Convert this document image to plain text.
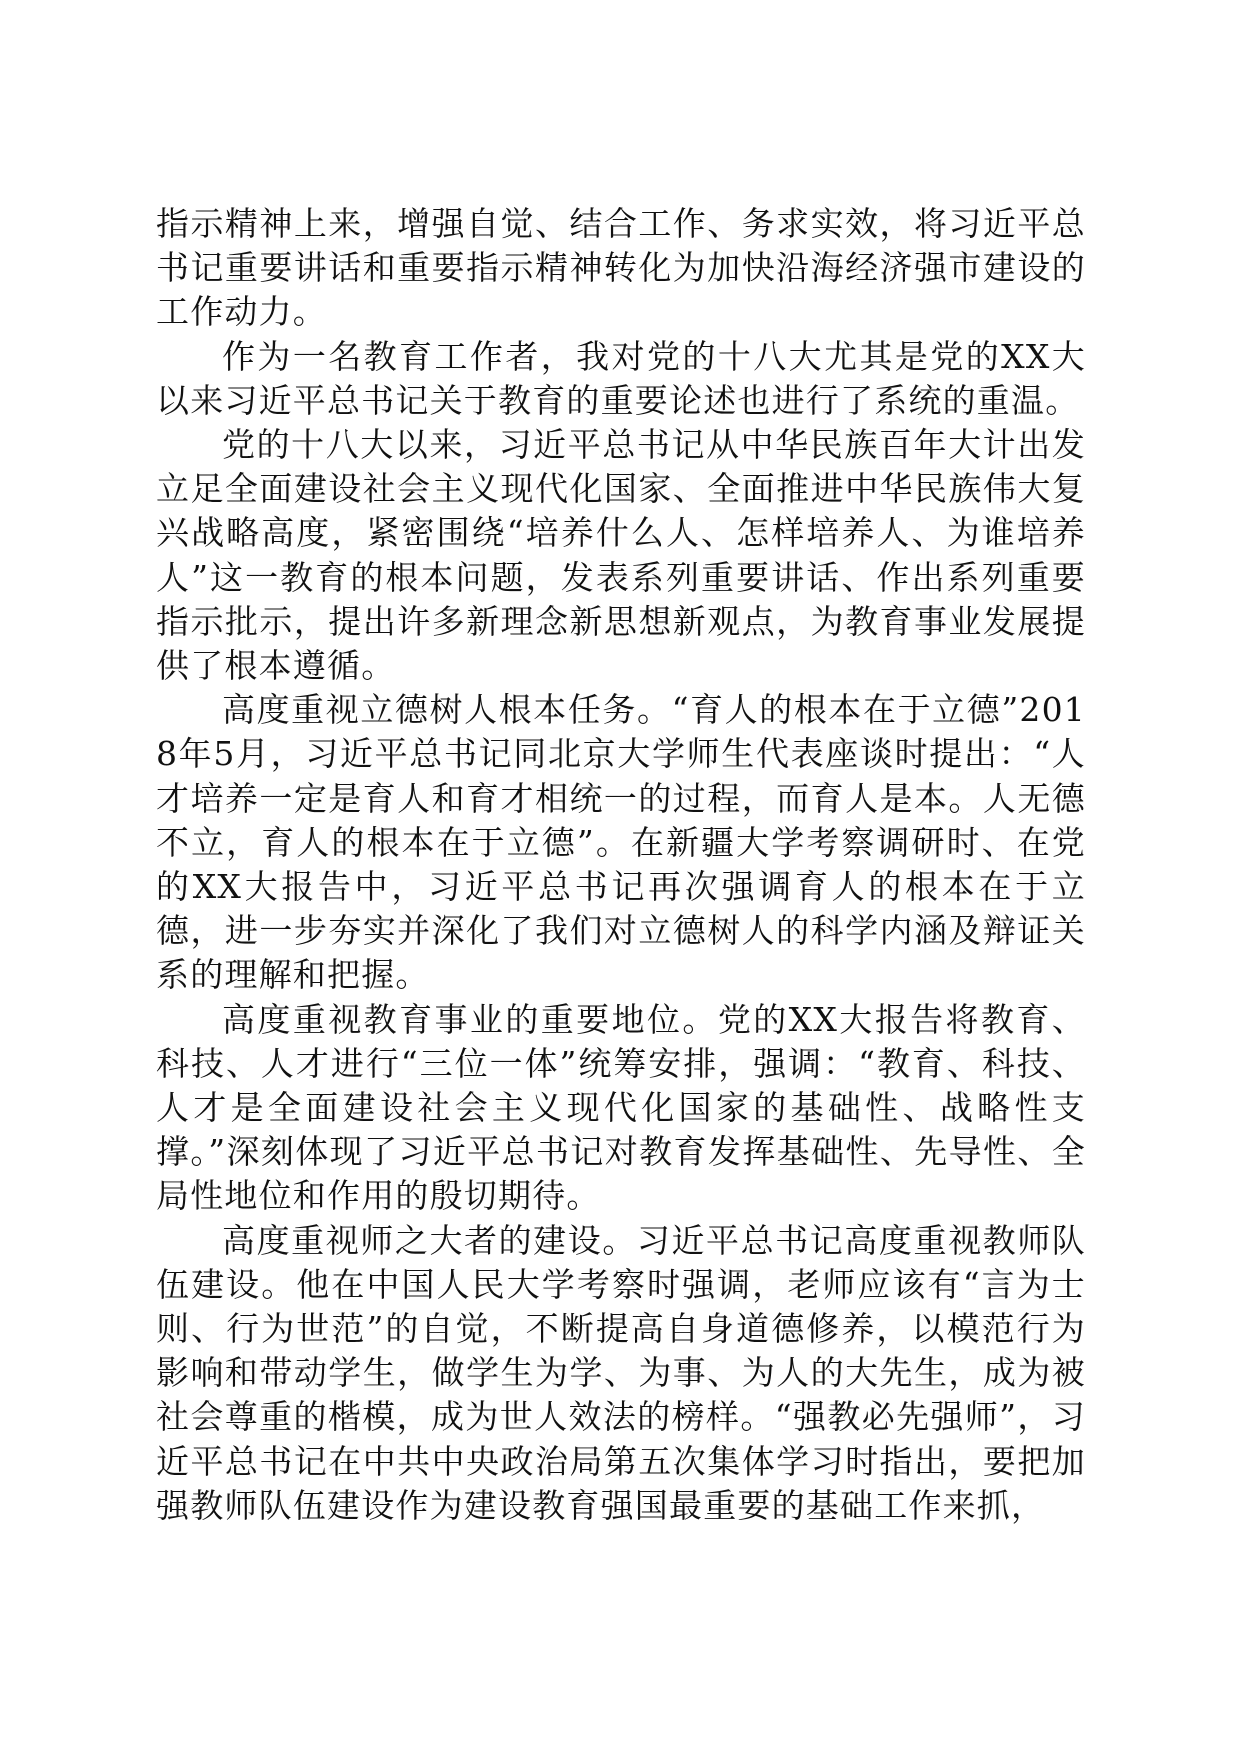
指示精神上来，增强自觉、结合工作、务求实效，将习近平总书记重要讲话和重要指示精神转化为加快沿海经济强市建设的工作动力。

作为一名教育工作者，我对党的十八大尤其是党的XX大以来习近平总书记关于教育的重要论述也进行了系统的重温。

党的十八大以来，习近平总书记从中华民族百年大计出发立足全面建设社会主义现代化国家、全面推进中华民族伟大复兴战略高度，紧密围绕“培养什么人、怎样培养人、为谁培养人”这一教育的根本问题，发表系列重要讲话、作出系列重要指示批示，提出许多新理念新思想新观点，为教育事业发展提供了根本遵循。

高度重视立德树人根本任务。“育人的根本在于立德”2018年5月，习近平总书记同北京大学师生代表座谈时提出：“人才培养一定是育人和育才相统一的过程，而育人是本。人无德不立，育人的根本在于立德”。在新疆大学考察调研时、在党的XX大报告中，习近平总书记再次强调育人的根本在于立德，进一步夯实并深化了我们对立德树人的科学内涵及辩证关系的理解和把握。

高度重视教育事业的重要地位。党的XX大报告将教育、科技、人才进行“三位一体”统筹安排，强调：“教育、科技、人才是全面建设社会主义现代化国家的基础性、战略性支撑。”深刻体现了习近平总书记对教育发挥基础性、先导性、全局性地位和作用的殷切期待。

高度重视师之大者的建设。习近平总书记高度重视教师队伍建设。他在中国人民大学考察时强调，老师应该有“言为士则、行为世范”的自觉，不断提高自身道德修养，以模范行为影响和带动学生，做学生为学、为事、为人的大先生，成为被社会尊重的楷模，成为世人效法的榜样。“强教必先强师”，习近平总书记在中共中央政治局第五次集体学习时指出，要把加强教师队伍建设作为建设教育强国最重要的基础工作来抓，
